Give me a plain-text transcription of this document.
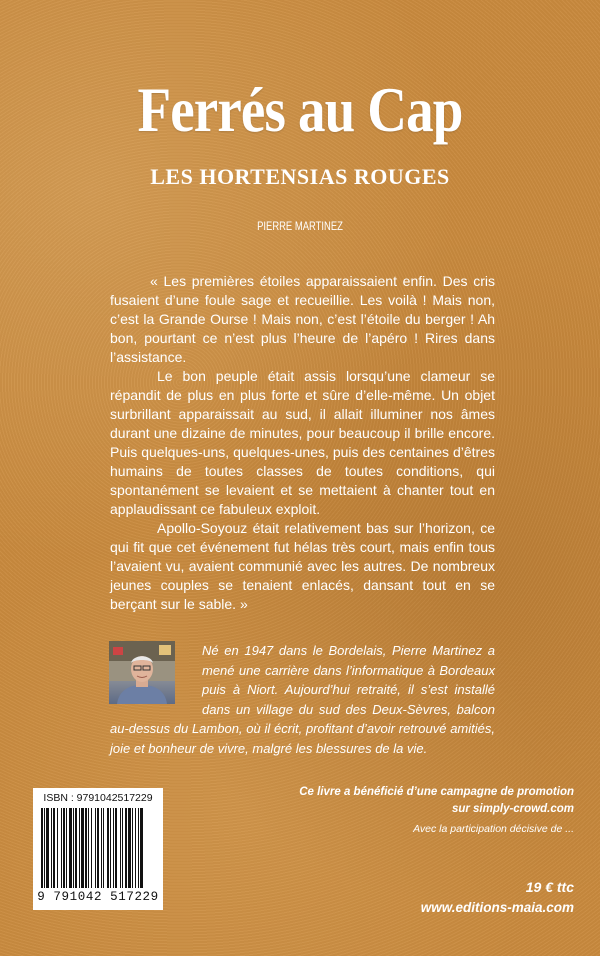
Ferrés au Cap
LES HORTENSIAS ROUGES
PIERRE MARTINEZ

« Les premières étoiles apparaissaient enfin. Des cris fusaient d’une foule sage et recueillie. Les voilà ! Mais non, c’est la Grande Ourse ! Mais non, c’est l’étoile du berger ! Ah bon, pourtant ce n’est plus l’heure de l’apéro ! Rires dans l’assistance.

Le bon peuple était assis lorsqu’une clameur se répandit de plus en plus forte et sûre d’elle-même. Un objet surbrillant apparaissait au sud, il allait illuminer nos âmes durant une dizaine de minutes, pour beaucoup il brille encore. Puis quelques-uns, quelques-unes, puis des centaines d’êtres humains de toutes classes de toutes conditions, qui spontanément se levaient et se mettaient à chanter tout en applaudissant ce fabuleux exploit.

Apollo-Soyouz était relativement bas sur l’horizon, ce qui fit que cet événement fut hélas très court, mais enfin tous l’avaient vu, avaient communié avec les autres. De nombreux jeunes couples se tenaient enlacés, dansant tout en se berçant sur le sable. »

Né en 1947 dans le Bordelais, Pierre Martinez a mené une carrière dans l’informatique à Bordeaux puis à Niort. Aujourd’hui retraité, il s’est installé dans un village du sud des Deux-Sèvres, balcon au-dessus du Lambon, où il écrit, profitant d’avoir retrouvé amitiés, joie et bonheur de vivre, malgré les blessures de la vie.
Ce livre a bénéficié d’une campagne de promotion
sur simply-crowd.com
Avec la participation décisive de ...
19 € ttc
www.editions-maia.com
ISBN : 9791042517229
9 791042 517229
